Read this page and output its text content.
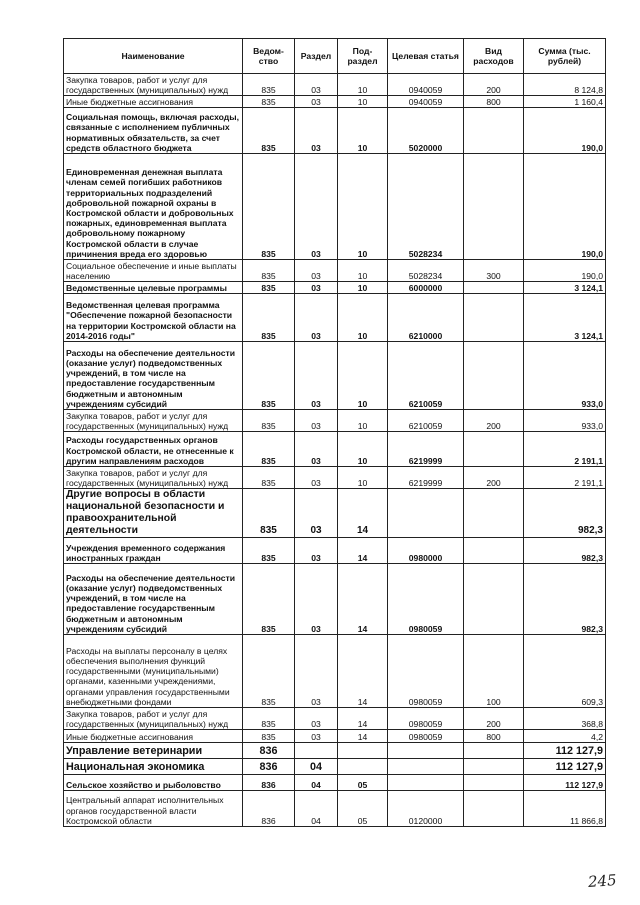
Наименование	Ведом-ство	Раздел	Под-раздел	Целевая статья	Вид расходов	Сумма (тыс. рублей)
Закупка товаров, работ и услуг для государственных (муниципальных) нужд	835	03	10	0940059	200	8 124,8
Иные бюджетные ассигнования	835	03	10	0940059	800	1 160,4
Социальная помощь, включая расходы, связанные с исполнением публичных нормативных обязательств, за счет средств областного бюджета	835	03	10	5020000		190,0
Единовременная денежная выплата членам семей погибших работников территориальных подразделений добровольной пожарной охраны в Костромской области и добровольных пожарных, единовременная выплата добровольному пожарному Костромской области в случае причинения вреда его здоровью	835	03	10	5028234		190,0
Социальное обеспечение и иные выплаты населению	835	03	10	5028234	300	190,0
Ведомственные целевые программы	835	03	10	6000000		3 124,1
Ведомственная целевая программа "Обеспечение пожарной безопасности на территории Костромской области на 2014-2016 годы"	835	03	10	6210000		3 124,1
Расходы на обеспечение деятельности (оказание услуг) подведомственных учреждений, в том числе на предоставление государственным бюджетным и автономным учреждениям субсидий	835	03	10	6210059		933,0
Закупка товаров, работ и услуг для государственных (муниципальных) нужд	835	03	10	6210059	200	933,0
Расходы государственных органов Костромской области, не отнесенные к другим направлениям расходов	835	03	10	6219999		2 191,1
Закупка товаров, работ и услуг для государственных (муниципальных) нужд	835	03	10	6219999	200	2 191,1
Другие вопросы в области национальной безопасности и правоохранительной деятельности	835	03	14			982,3
Учреждения временного содержания иностранных граждан	835	03	14	0980000		982,3
Расходы на обеспечение деятельности (оказание услуг) подведомственных учреждений, в том числе на предоставление государственным бюджетным и автономным учреждениям субсидий	835	03	14	0980059		982,3
Расходы на выплаты персоналу в целях обеспечения выполнения функций государственными (муниципальными) органами, казенными учреждениями, органами управления государственными внебюджетными фондами	835	03	14	0980059	100	609,3
Закупка товаров, работ и услуг для государственных (муниципальных) нужд	835	03	14	0980059	200	368,8
Иные бюджетные ассигнования	835	03	14	0980059	800	4,2
Управление ветеринарии	836					112 127,9
Национальная экономика	836	04				112 127,9
Сельское хозяйство и рыболовство	836	04	05			112 127,9
Центральный аппарат исполнительных органов государственной власти Костромской области	836	04	05	0120000		11 866,8
245
